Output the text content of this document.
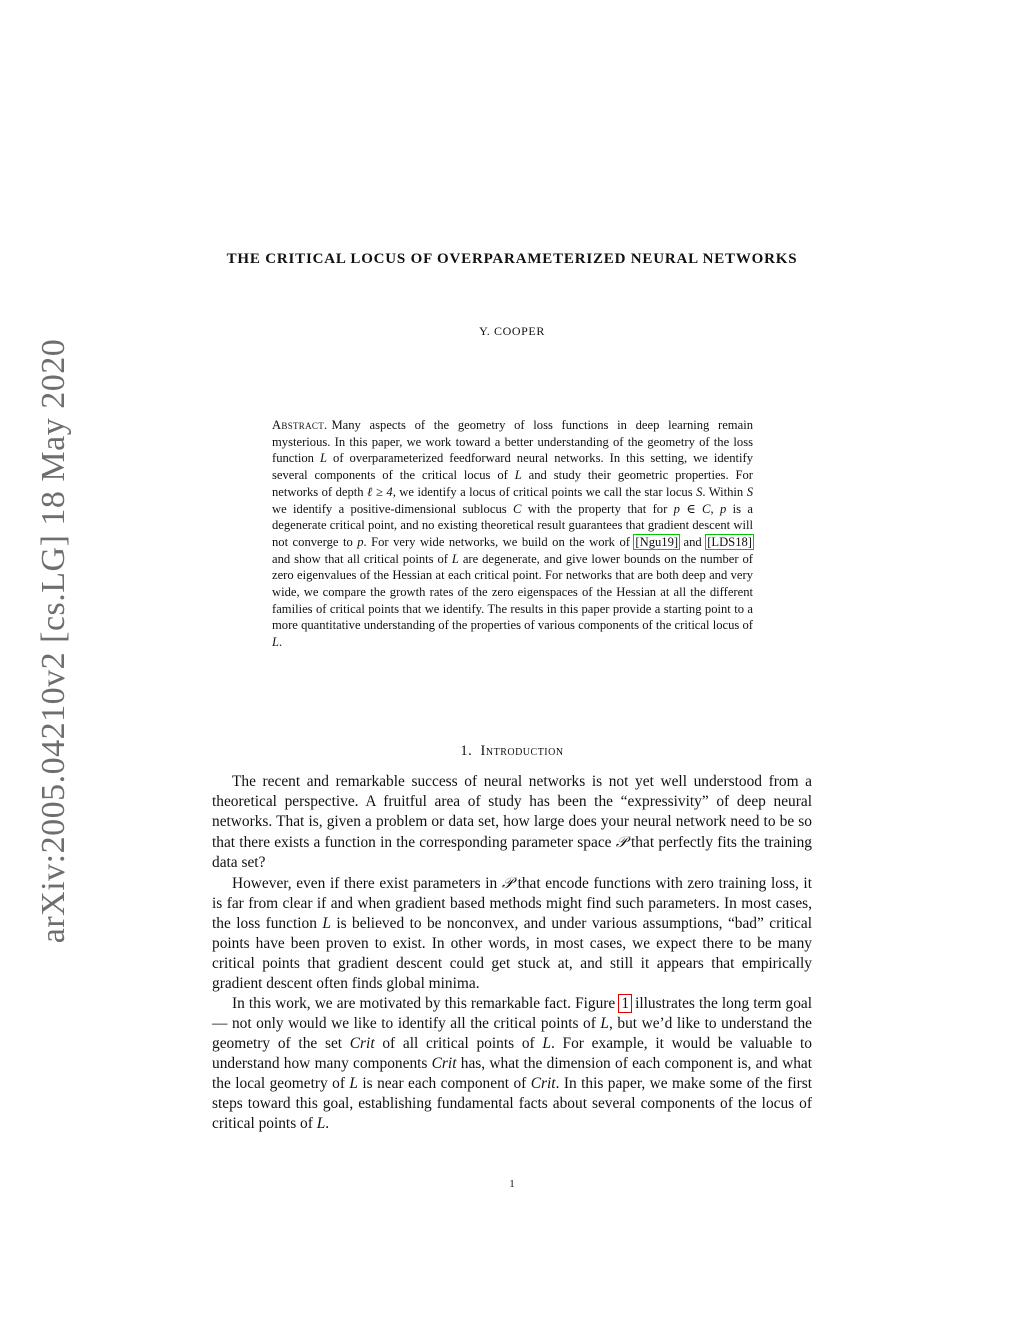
arXiv:2005.04210v2 [cs.LG] 18 May 2020
THE CRITICAL LOCUS OF OVERPARAMETERIZED NEURAL NETWORKS
Y. COOPER
Abstract. Many aspects of the geometry of loss functions in deep learning remain mysterious. In this paper, we work toward a better understanding of the geometry of the loss function L of overparameterized feedforward neural networks. In this setting, we identify several components of the critical locus of L and study their geometric properties. For networks of depth ℓ ≥ 4, we identify a locus of critical points we call the star locus S. Within S we identify a positive-dimensional sublocus C with the property that for p ∈ C, p is a degenerate critical point, and no existing theoretical result guarantees that gradient descent will not converge to p. For very wide networks, we build on the work of [Ngu19] and [LDS18] and show that all critical points of L are degenerate, and give lower bounds on the number of zero eigenvalues of the Hessian at each critical point. For networks that are both deep and very wide, we compare the growth rates of the zero eigenspaces of the Hessian at all the different families of critical points that we identify. The results in this paper provide a starting point to a more quantitative understanding of the properties of various components of the critical locus of L.
1. Introduction

The recent and remarkable success of neural networks is not yet well understood from a theoretical perspective. A fruitful area of study has been the “expressivity” of deep neural networks. That is, given a problem or data set, how large does your neural network need to be so that there exists a function in the corresponding parameter space 𝒫 that perfectly fits the training data set?

However, even if there exist parameters in 𝒫 that encode functions with zero training loss, it is far from clear if and when gradient based methods might find such parameters. In most cases, the loss function L is believed to be nonconvex, and under various assumptions, “bad” critical points have been proven to exist. In other words, in most cases, we expect there to be many critical points that gradient descent could get stuck at, and still it appears that empirically gradient descent often finds global minima.

In this work, we are motivated by this remarkable fact. Figure 1 illustrates the long term goal — not only would we like to identify all the critical points of L, but we’d like to understand the geometry of the set Crit of all critical points of L. For example, it would be valuable to understand how many components Crit has, what the dimension of each component is, and what the local geometry of L is near each component of Crit. In this paper, we make some of the first steps toward this goal, establishing fundamental facts about several components of the locus of critical points of L.

1
